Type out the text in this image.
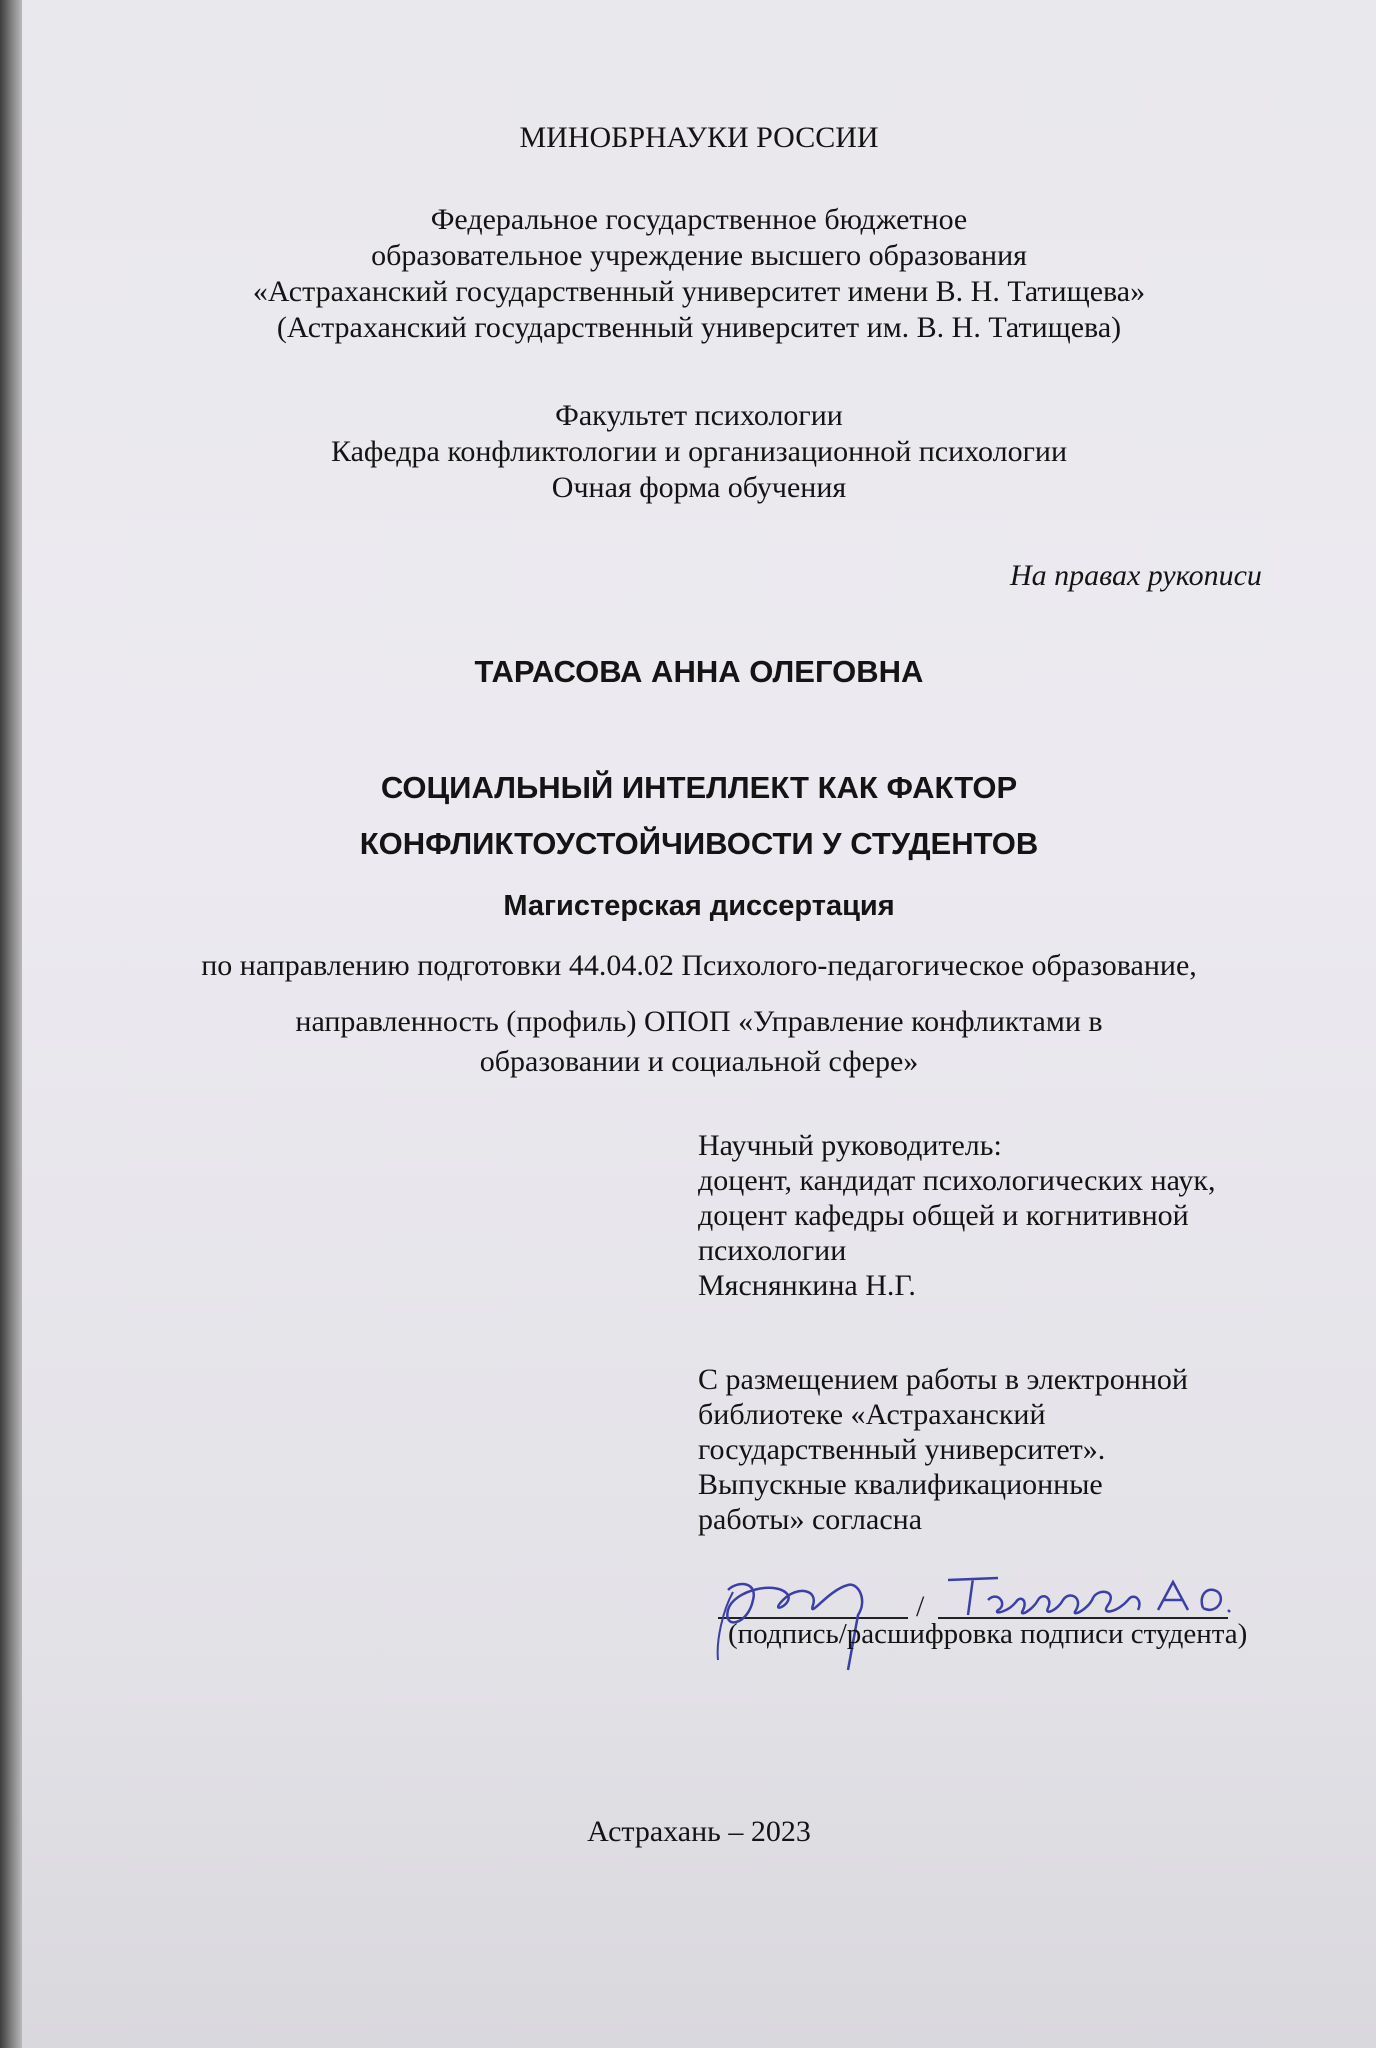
МИНОБРНАУКИ РОССИИ
Федеральное государственное бюджетное
образовательное учреждение высшего образования
«Астраханский государственный университет имени В. Н. Татищева»
(Астраханский государственный университет им. В. Н. Татищева)
Факультет психологии
Кафедра конфликтологии и организационной психологии
Очная форма обучения
На правах рукописи
ТАРАСОВА АННА ОЛЕГОВНА
СОЦИАЛЬНЫЙ ИНТЕЛЛЕКТ КАК ФАКТОР
КОНФЛИКТОУСТОЙЧИВОСТИ У СТУДЕНТОВ
Магистерская диссертация
по направлению подготовки 44.04.02 Психолого-педагогическое образование,
направленность (профиль) ОПОП «Управление конфликтами в
образовании и социальной сфере»
Научный руководитель:
доцент, кандидат психологических наук,
доцент кафедры общей и когнитивной
психологии
Мяснянкина Н.Г.
С размещением работы в электронной
библиотеке «Астраханский
государственный университет».
Выпускные квалификационные
работы» согласна
/
(подпись/расшифровка подписи студента)
Астрахань – 2023
